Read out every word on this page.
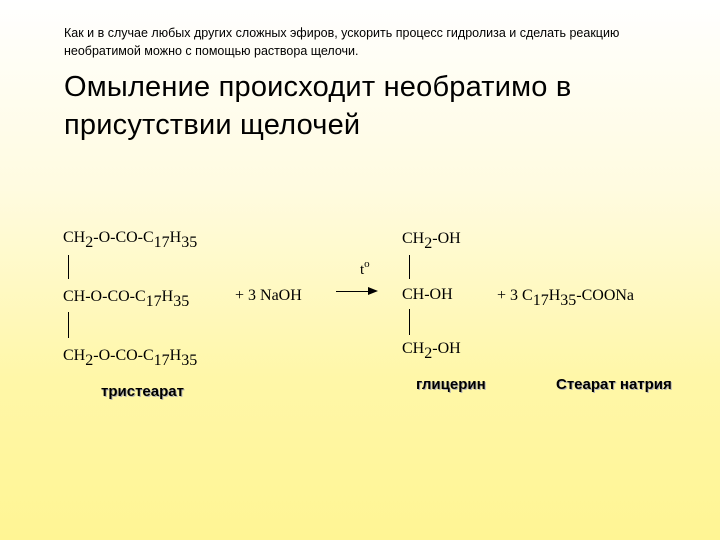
Как и в случае любых других сложных эфиров, ускорить процесс гидролиза и сделать реакцию необратимой можно с помощью раствора щелочи.
Омыление происходит необратимо в присутствии щелочей
$CH_2-O-CO-C_{17}H_{35}$
$CH-O-CO-C_{17}H_{35}$
$CH_2-O-CO-C_{17}H_{35}$
+ 3 NaOH
$t^o$
$CH_2-OH$
CH-OH
$CH_2-OH$
+ 3 $C_{17}H_{35}$-COONa
тристеарат	глицерин	Стеарат натрия
